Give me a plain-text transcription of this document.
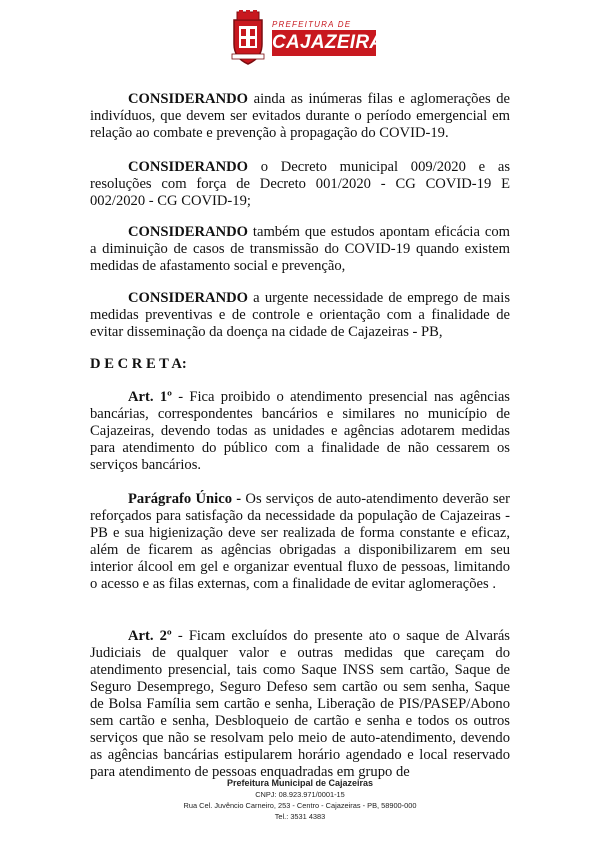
PREFEITURA DE
CAJAZEIRAS

CONSIDERANDO ainda as inúmeras filas e aglomerações de indivíduos, que devem ser evitados durante o período emergencial em relação ao combate e prevenção à propagação do COVID-19.

CONSIDERANDO o Decreto municipal 009/2020 e as resoluções com força de Decreto 001/2020 - CG COVID-19 E 002/2020 - CG COVID-19;

CONSIDERANDO também que estudos apontam eficácia com a diminuição de casos de transmissão do COVID-19 quando existem medidas de afastamento social e prevenção,

CONSIDERANDO a urgente necessidade de emprego de mais medidas preventivas e de controle e orientação com a finalidade de evitar disseminação da doença na cidade de Cajazeiras - PB,

D E C R E T A:

Art. 1º - Fica proibido o atendimento presencial nas agências bancárias, correspondentes bancários e similares no município de Cajazeiras, devendo todas as unidades e agências adotarem medidas para atendimento do público com a finalidade de não cessarem os serviços bancários.

Parágrafo Único - Os serviços de auto-atendimento deverão ser reforçados para satisfação da necessidade da população de Cajazeiras - PB e sua higienização deve ser realizada de forma constante e eficaz, além de ficarem as agências obrigadas a disponibilizarem em seu interior álcool em gel e organizar eventual fluxo de pessoas, limitando o acesso e as filas externas, com a finalidade de evitar aglomerações .

Art. 2º - Ficam excluídos do presente ato o saque de Alvarás Judiciais de qualquer valor e outras medidas que careçam do atendimento presencial, tais como Saque INSS sem cartão, Saque de Seguro Desemprego, Seguro Defeso sem cartão ou sem senha, Saque de Bolsa Família sem cartão e senha, Liberação de PIS/PASEP/Abono sem cartão e senha, Desbloqueio de cartão e senha e todos os outros serviços que não se resolvam pelo meio de auto-atendimento, devendo as agências bancárias estipularem horário agendado e local reservado para atendimento de pessoas enquadradas em grupo de

Prefeitura Municipal de Cajazeiras
CNPJ: 08.923.971/0001-15
Rua Cel. Juvêncio Carneiro, 253 - Centro - Cajazeiras - PB, 58900-000
Tel.: 3531 4383
